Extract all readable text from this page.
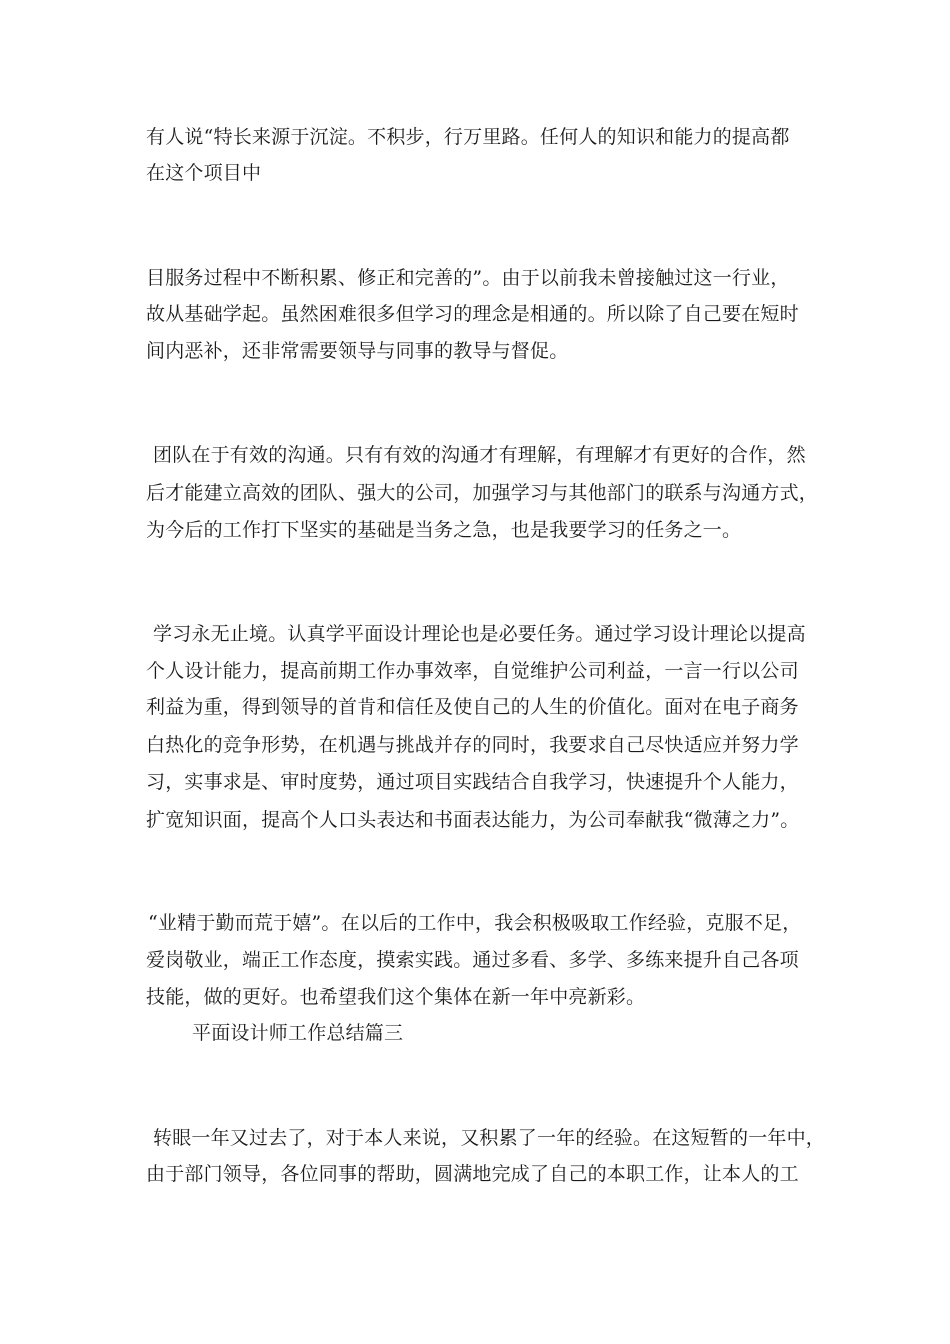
有人说“特长来源于沉淀。不积步，行万里路。任何人的知识和能力的提高都
在这个项目中
目服务过程中不断积累、修正和完善的”。由于以前我未曾接触过这一行业，
故从基础学起。虽然困难很多但学习的理念是相通的。所以除了自己要在短时
间内恶补，还非常需要领导与同事的教导与督促。
团队在于有效的沟通。只有有效的沟通才有理解，有理解才有更好的合作，然
后才能建立高效的团队、强大的公司，加强学习与其他部门的联系与沟通方式，
为今后的工作打下坚实的基础是当务之急，也是我要学习的任务之一。
学习永无止境。认真学平面设计理论也是必要任务。通过学习设计理论以提高
个人设计能力，提高前期工作办事效率，自觉维护公司利益，一言一行以公司
利益为重，得到领导的首肯和信任及使自己的人生的价值化。面对在电子商务
白热化的竞争形势，在机遇与挑战并存的同时，我要求自己尽快适应并努力学
习，实事求是、审时度势，通过项目实践结合自我学习，快速提升个人能力，
扩宽知识面，提高个人口头表达和书面表达能力，为公司奉献我“微薄之力”。
“业精于勤而荒于嬉”。在以后的工作中，我会积极吸取工作经验，克服不足，
爱岗敬业，端正工作态度，摸索实践。通过多看、多学、多练来提升自己各项
技能，做的更好。也希望我们这个集体在新一年中亮新彩。
平面设计师工作总结篇三
转眼一年又过去了，对于本人来说，又积累了一年的经验。在这短暂的一年中，
由于部门领导，各位同事的帮助，圆满地完成了自己的本职工作，让本人的工
